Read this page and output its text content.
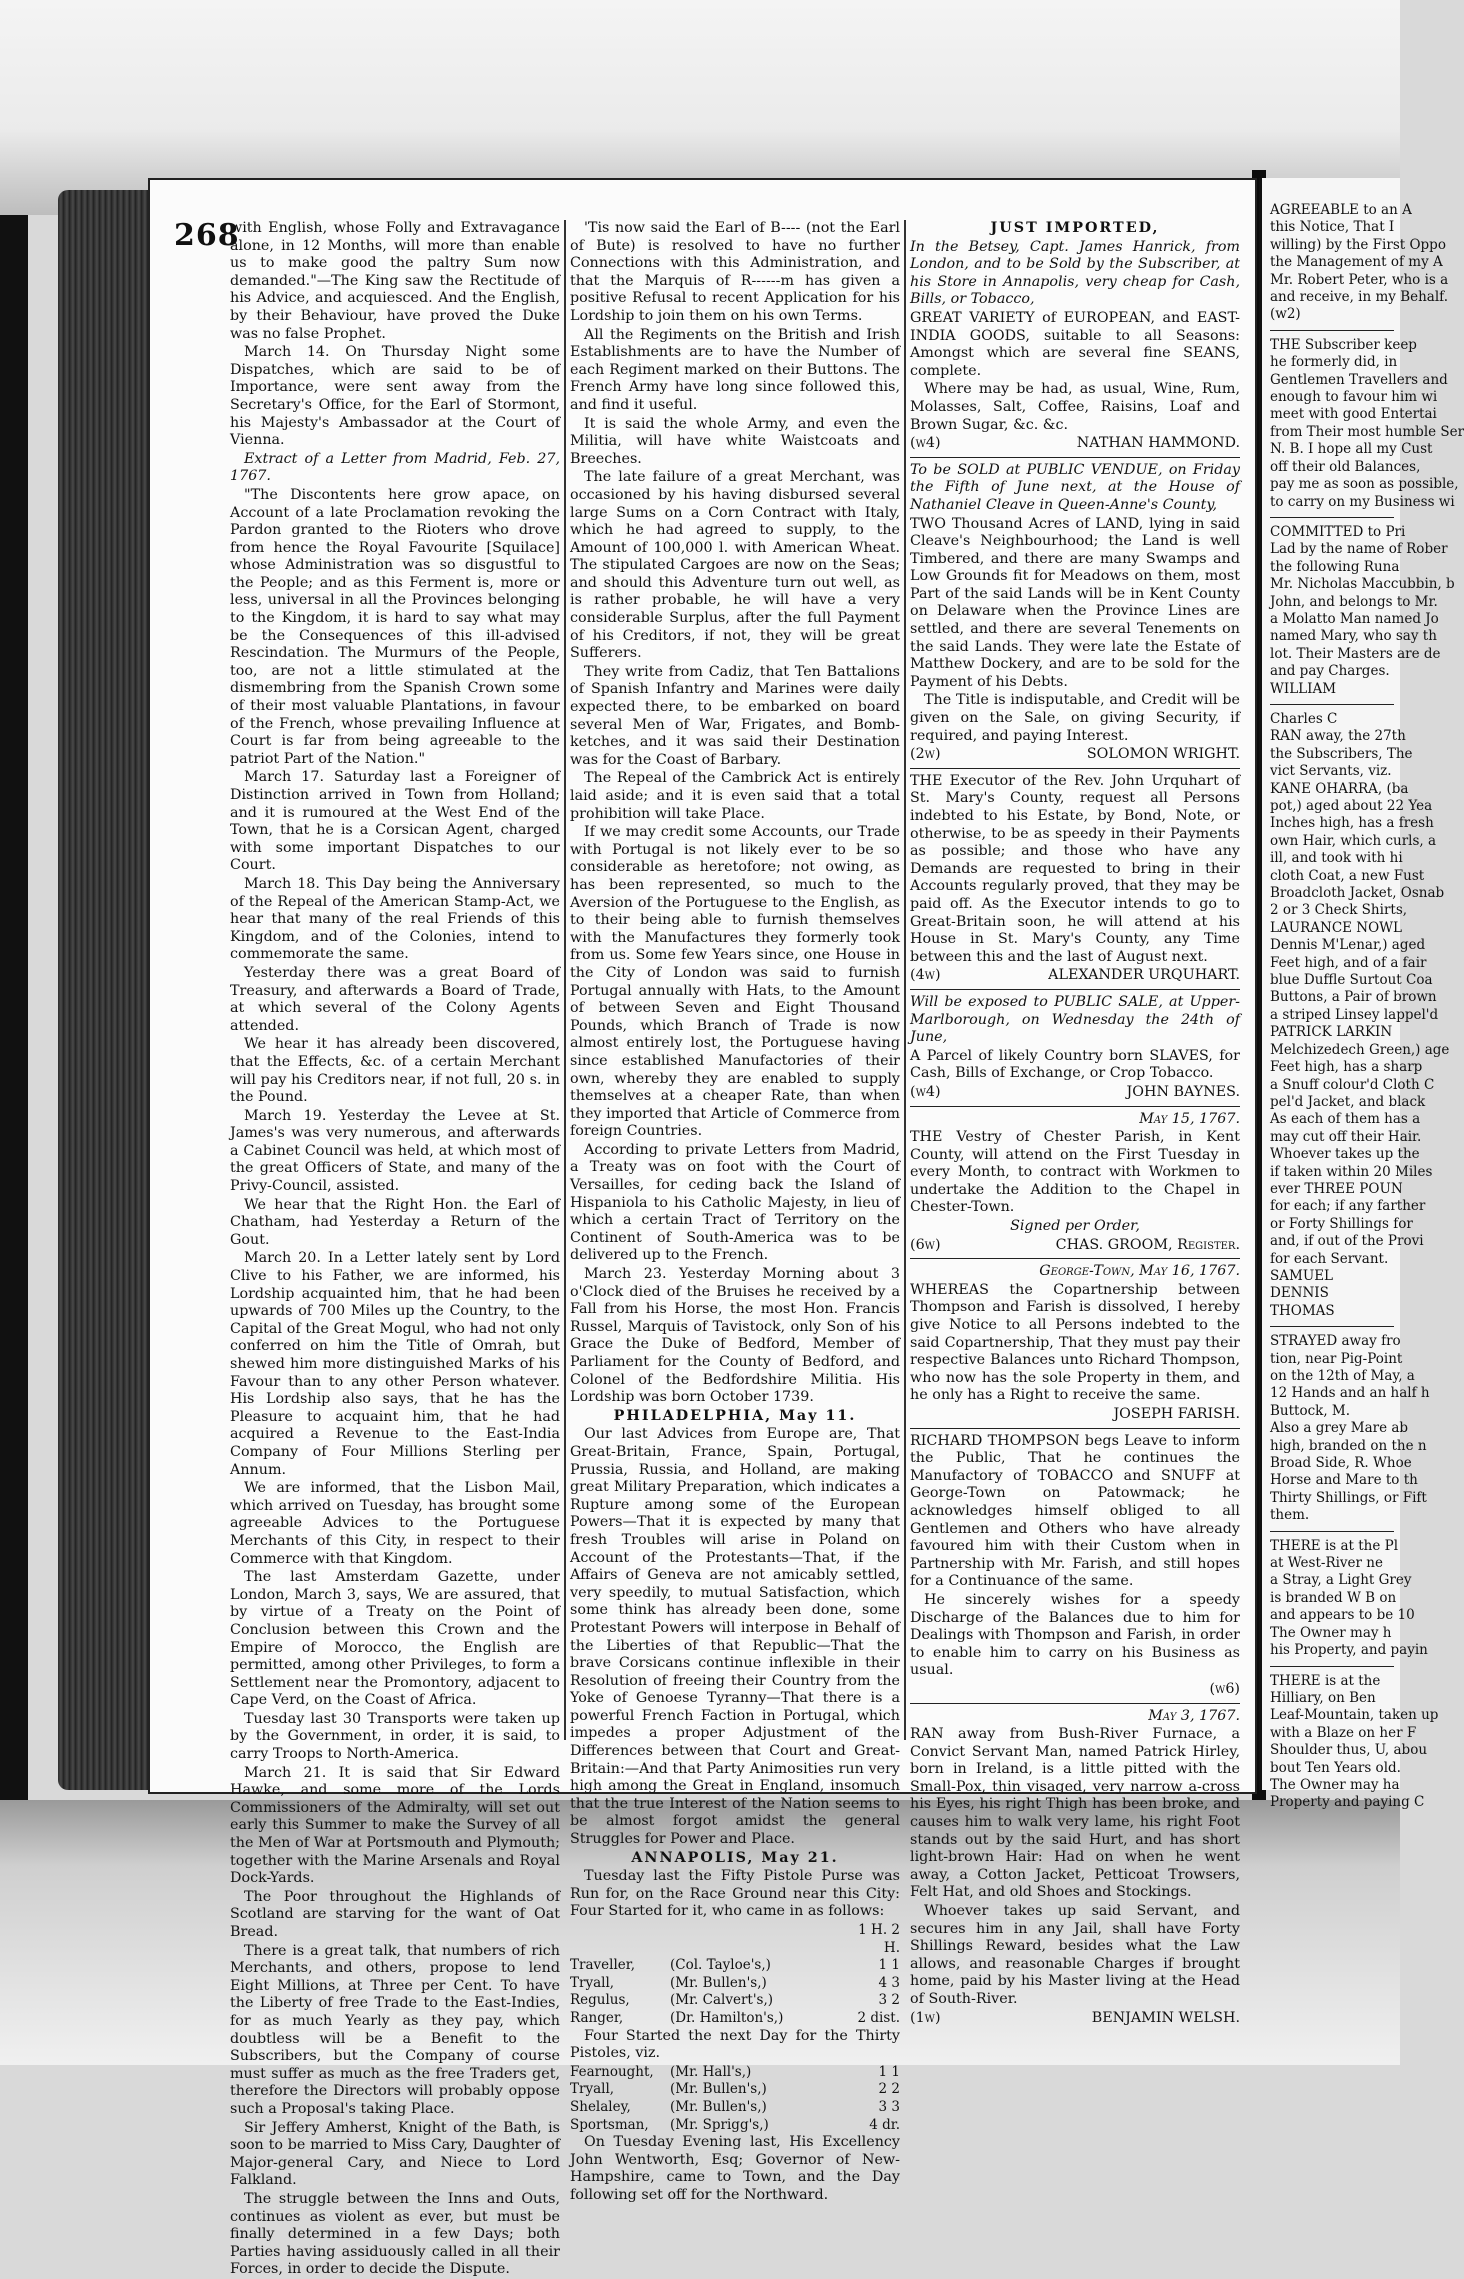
268

with English, whose Folly and Extravagance alone, in 12 Months, will more than enable us to make good the paltry Sum now demanded."—The King saw the Rectitude of his Advice, and acquiesced. And the English, by their Behaviour, have proved the Duke was no false Prophet.

March 14. On Thursday Night some Dispatches, which are said to be of Importance, were sent away from the Secretary's Office, for the Earl of Stormont, his Majesty's Ambassador at the Court of Vienna.

Extract of a Letter from Madrid, Feb. 27, 1767.

"The Discontents here grow apace, on Account of a late Proclamation revoking the Pardon granted to the Rioters who drove from hence the Royal Favourite [Squilace] whose Administration was so disgustful to the People; and as this Ferment is, more or less, universal in all the Provinces belonging to the Kingdom, it is hard to say what may be the Consequences of this ill-advised Rescindation. The Murmurs of the People, too, are not a little stimulated at the dismembring from the Spanish Crown some of their most valuable Plantations, in favour of the French, whose prevailing Influence at Court is far from being agreeable to the patriot Part of the Nation."

March 17. Saturday last a Foreigner of Distinction arrived in Town from Holland; and it is rumoured at the West End of the Town, that he is a Corsican Agent, charged with some important Dispatches to our Court.

March 18. This Day being the Anniversary of the Repeal of the American Stamp-Act, we hear that many of the real Friends of this Kingdom, and of the Colonies, intend to commemorate the same.

Yesterday there was a great Board of Treasury, and afterwards a Board of Trade, at which several of the Colony Agents attended.

We hear it has already been discovered, that the Effects, &c. of a certain Merchant will pay his Creditors near, if not full, 20 s. in the Pound.

March 19. Yesterday the Levee at St. James's was very numerous, and afterwards a Cabinet Council was held, at which most of the great Officers of State, and many of the Privy-Council, assisted.

We hear that the Right Hon. the Earl of Chatham, had Yesterday a Return of the Gout.

March 20. In a Letter lately sent by Lord Clive to his Father, we are informed, his Lordship acquainted him, that he had been upwards of 700 Miles up the Country, to the Capital of the Great Mogul, who had not only conferred on him the Title of Omrah, but shewed him more distinguished Marks of his Favour than to any other Person whatever. His Lordship also says, that he has the Pleasure to acquaint him, that he had acquired a Revenue to the East-India Company of Four Millions Sterling per Annum.

We are informed, that the Lisbon Mail, which arrived on Tuesday, has brought some agreeable Advices to the Portuguese Merchants of this City, in respect to their Commerce with that Kingdom.

The last Amsterdam Gazette, under London, March 3, says, We are assured, that by virtue of a Treaty on the Point of Conclusion between this Crown and the Empire of Morocco, the English are permitted, among other Privileges, to form a Settlement near the Promontory, adjacent to Cape Verd, on the Coast of Africa.

Tuesday last 30 Transports were taken up by the Government, in order, it is said, to carry Troops to North-America.

March 21. It is said that Sir Edward Hawke, and some more of the Lords Commissioners of the Admiralty, will set out early this Summer to make the Survey of all the Men of War at Portsmouth and Plymouth; together with the Marine Arsenals and Royal Dock-Yards.

The Poor throughout the Highlands of Scotland are starving for the want of Oat Bread.

There is a great talk, that numbers of rich Merchants, and others, propose to lend Eight Millions, at Three per Cent. To have the Liberty of free Trade to the East-Indies, for as much Yearly as they pay, which doubtless will be a Benefit to the Subscribers, but the Company of course must suffer as much as the free Traders get, therefore the Directors will probably oppose such a Proposal's taking Place.

Sir Jeffery Amherst, Knight of the Bath, is soon to be married to Miss Cary, Daughter of Major-general Cary, and Niece to Lord Falkland.

The struggle between the Inns and Outs, continues as violent as ever, but must be finally determined in a few Days; both Parties having assiduously called in all their Forces, in order to decide the Dispute.

'Tis now said the Earl of B---- (not the Earl of Bute) is resolved to have no further Connections with this Administration, and that the Marquis of R------m has given a positive Refusal to recent Application for his Lordship to join them on his own Terms.

All the Regiments on the British and Irish Establishments are to have the Number of each Regiment marked on their Buttons. The French Army have long since followed this, and find it useful.

It is said the whole Army, and even the Militia, will have white Waistcoats and Breeches.

The late failure of a great Merchant, was occasioned by his having disbursed several large Sums on a Corn Contract with Italy, which he had agreed to supply, to the Amount of 100,000 l. with American Wheat. The stipulated Cargoes are now on the Seas; and should this Adventure turn out well, as is rather probable, he will have a very considerable Surplus, after the full Payment of his Creditors, if not, they will be great Sufferers.

They write from Cadiz, that Ten Battalions of Spanish Infantry and Marines were daily expected there, to be embarked on board several Men of War, Frigates, and Bomb-ketches, and it was said their Destination was for the Coast of Barbary.

The Repeal of the Cambrick Act is entirely laid aside; and it is even said that a total prohibition will take Place.

If we may credit some Accounts, our Trade with Portugal is not likely ever to be so considerable as heretofore; not owing, as has been represented, so much to the Aversion of the Portuguese to the English, as to their being able to furnish themselves with the Manufactures they formerly took from us. Some few Years since, one House in the City of London was said to furnish Portugal annually with Hats, to the Amount of between Seven and Eight Thousand Pounds, which Branch of Trade is now almost entirely lost, the Portuguese having since established Manufactories of their own, whereby they are enabled to supply themselves at a cheaper Rate, than when they imported that Article of Commerce from foreign Countries.

According to private Letters from Madrid, a Treaty was on foot with the Court of Versailles, for ceding back the Island of Hispaniola to his Catholic Majesty, in lieu of which a certain Tract of Territory on the Continent of South-America was to be delivered up to the French.

March 23. Yesterday Morning about 3 o'Clock died of the Bruises he received by a Fall from his Horse, the most Hon. Francis Russel, Marquis of Tavistock, only Son of his Grace the Duke of Bedford, Member of Parliament for the County of Bedford, and Colonel of the Bedfordshire Militia. His Lordship was born October 1739.

PHILADELPHIA, May 11.

Our last Advices from Europe are, That Great-Britain, France, Spain, Portugal, Prussia, Russia, and Holland, are making great Military Preparation, which indicates a Rupture among some of the European Powers—That it is expected by many that fresh Troubles will arise in Poland on Account of the Protestants—That, if the Affairs of Geneva are not amicably settled, very speedily, to mutual Satisfaction, which some think has already been done, some Protestant Powers will interpose in Behalf of the Liberties of that Republic—That the brave Corsicans continue inflexible in their Resolution of freeing their Country from the Yoke of Genoese Tyranny—That there is a powerful French Faction in Portugal, which impedes a proper Adjustment of the Differences between that Court and Great-Britain:—And that Party Animosities run very high among the Great in England, insomuch that the true Interest of the Nation seems to be almost forgot amidst the general Struggles for Power and Place.

ANNAPOLIS, May 21.

Tuesday last the Fifty Pistole Purse was Run for, on the Race Ground near this City: Four Started for it, who came in as follows:

1 H. 2 H.
Traveller,	(Col. Tayloe's,)	1 1
Tryall,	(Mr. Bullen's,)	4 3
Regulus,	(Mr. Calvert's,)	3 2
Ranger,	(Dr. Hamilton's,)	2 dist.

Four Started the next Day for the Thirty Pistoles, viz.

Fearnought,	(Mr. Hall's,)	1 1
Tryall,	(Mr. Bullen's,)	2 2
Shelaley,	(Mr. Bullen's,)	3 3
Sportsman,	(Mr. Sprigg's,)	4 dr.

On Tuesday Evening last, His Excellency John Wentworth, Esq; Governor of New-Hampshire, came to Town, and the Day following set off for the Northward.

JUST IMPORTED,

In the Betsey, Capt. James Hanrick, from London, and to be Sold by the Subscriber, at his Store in Annapolis, very cheap for Cash, Bills, or Tobacco,

GREAT VARIETY of EUROPEAN, and EAST-INDIA GOODS, suitable to all Seasons: Amongst which are several fine SEANS, complete.

Where may be had, as usual, Wine, Rum, Molasses, Salt, Coffee, Raisins, Loaf and Brown Sugar, &c. &c.

(w4)	NATHAN HAMMOND.

To be SOLD at PUBLIC VENDUE, on Friday the Fifth of June next, at the House of Nathaniel Cleave in Queen-Anne's County,

TWO Thousand Acres of LAND, lying in said Cleave's Neighbourhood; the Land is well Timbered, and there are many Swamps and Low Grounds fit for Meadows on them, most Part of the said Lands will be in Kent County on Delaware when the Province Lines are settled, and there are several Tenements on the said Lands. They were late the Estate of Matthew Dockery, and are to be sold for the Payment of his Debts.

The Title is indisputable, and Credit will be given on the Sale, on giving Security, if required, and paying Interest.

(2w)	SOLOMON WRIGHT.

THE Executor of the Rev. John Urquhart of St. Mary's County, request all Persons indebted to his Estate, by Bond, Note, or otherwise, to be as speedy in their Payments as possible; and those who have any Demands are requested to bring in their Accounts regularly proved, that they may be paid off. As the Executor intends to go to Great-Britain soon, he will attend at his House in St. Mary's County, any Time between this and the last of August next.

(4w)	ALEXANDER URQUHART.

Will be exposed to PUBLIC SALE, at Upper-Marlborough, on Wednesday the 24th of June,

A Parcel of likely Country born SLAVES, for Cash, Bills of Exchange, or Crop Tobacco.

(w4)	JOHN BAYNES.

May 15, 1767.

THE Vestry of Chester Parish, in Kent County, will attend on the First Tuesday in every Month, to contract with Workmen to undertake the Addition to the Chapel in Chester-Town.

Signed per Order,

(6w)	CHAS. GROOM, Register.

George-Town, May 16, 1767.

WHEREAS the Copartnership between Thompson and Farish is dissolved, I hereby give Notice to all Persons indebted to the said Copartnership, That they must pay their respective Balances unto Richard Thompson, who now has the sole Property in them, and he only has a Right to receive the same.

JOSEPH FARISH.

RICHARD THOMPSON begs Leave to inform the Public, That he continues the Manufactory of TOBACCO and SNUFF at George-Town on Patowmack; he acknowledges himself obliged to all Gentlemen and Others who have already favoured him with their Custom when in Partnership with Mr. Farish, and still hopes for a Continuance of the same.

He sincerely wishes for a speedy Discharge of the Balances due to him for Dealings with Thompson and Farish, in order to enable him to carry on his Business as usual.

(w6)

May 3, 1767.

RAN away from Bush-River Furnace, a Convict Servant Man, named Patrick Hirley, born in Ireland, is a little pitted with the Small-Pox, thin visaged, very narrow a-cross his Eyes, his right Thigh has been broke, and causes him to walk very lame, his right Foot stands out by the said Hurt, and has short light-brown Hair: Had on when he went away, a Cotton Jacket, Petticoat Trowsers, Felt Hat, and old Shoes and Stockings.

Whoever takes up said Servant, and secures him in any Jail, shall have Forty Shillings Reward, besides what the Law allows, and reasonable Charges if brought home, paid by his Master living at the Head of South-River.

(1w)	BENJAMIN WELSH.

AGREEABLE to an A

this Notice, That I

willing) by the First Oppo

the Management of my A

Mr. Robert Peter, who is a

and receive, in my Behalf.

(w2)

THE Subscriber keep

he formerly did, in

Gentlemen Travellers and

enough to favour him wi

meet with good Entertai

from Their most humble Ser

N. B. I hope all my Cust

off their old Balances,

pay me as soon as possible,

to carry on my Business wi

COMMITTED to Pri

Lad by the name of Rober

the following Runa

Mr. Nicholas Maccubbin, b

John, and belongs to Mr.

a Molatto Man named Jo

named Mary, who say th

lot. Their Masters are de

and pay Charges.

WILLIAM

Charles C

RAN away, the 27th

the Subscribers, The

vict Servants, viz.

KANE OHARRA, (ba

pot,) aged about 22 Yea

Inches high, has a fresh

own Hair, which curls, a

ill, and took with hi

cloth Coat, a new Fust

Broadcloth Jacket, Osnab

2 or 3 Check Shirts,

LAURANCE NOWL

Dennis M'Lenar,) aged

Feet high, and of a fair

blue Duffle Surtout Coa

Buttons, a Pair of brown

a striped Linsey lappel'd

PATRICK LARKIN

Melchizedech Green,) age

Feet high, has a sharp

a Snuff colour'd Cloth C

pel'd Jacket, and black

As each of them has a

may cut off their Hair.

Whoever takes up the

if taken within 20 Miles

ever THREE POUN

for each; if any farther

or Forty Shillings for

and, if out of the Provi

for each Servant.

SAMUEL

DENNIS

THOMAS

STRAYED away fro

tion, near Pig-Point

on the 12th of May, a

12 Hands and an half h

Buttock, M.

Also a grey Mare ab

high, branded on the n

Broad Side, R. Whoe

Horse and Mare to th

Thirty Shillings, or Fift

them.

THERE is at the Pl

at West-River ne

a Stray, a Light Grey

is branded W B on

and appears to be 10

The Owner may h

his Property, and payin

THERE is at the

Hilliary, on Ben

Leaf-Mountain, taken up

with a Blaze on her F

Shoulder thus, U, abou

bout Ten Years old.

The Owner may ha

Property and paying C
